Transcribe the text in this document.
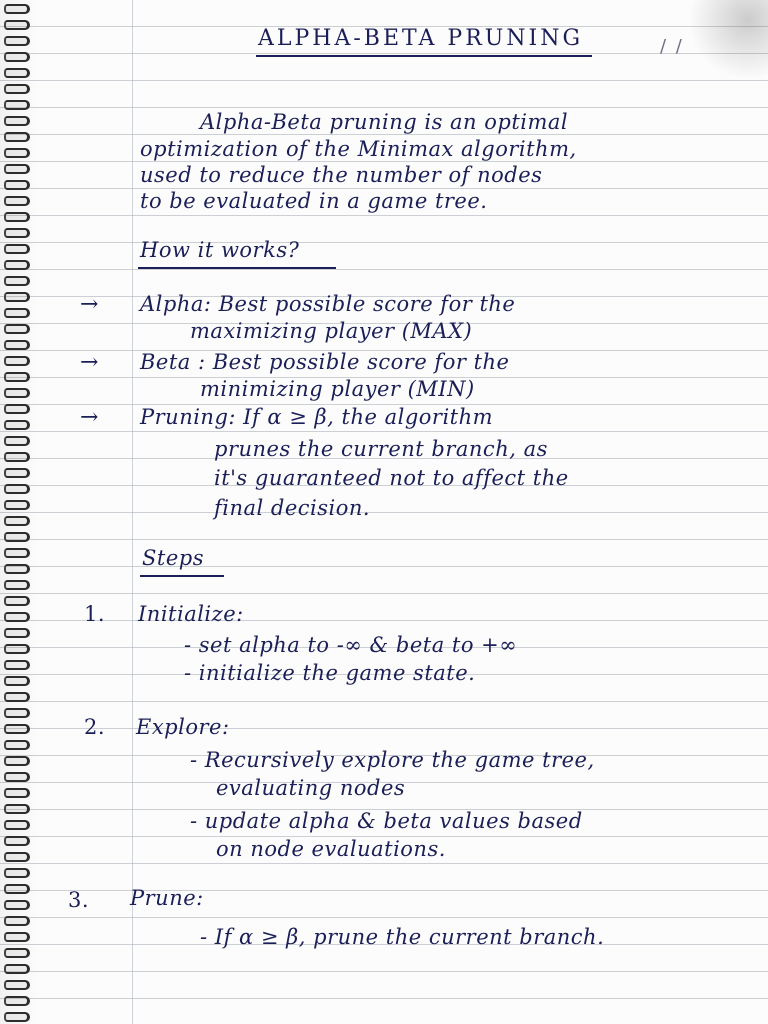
ALPHA-BETA PRUNING	/ /
Alpha-Beta pruning is an optimal
optimization of the Minimax algorithm,
used to reduce the number of nodes
to be evaluated in a game tree.
How it works?
→ Alpha: Best possible score for the
maximizing player (MAX)
→ Beta : Best possible score for the
minimizing player (MIN)
→ Pruning: If α ≥ β, the algorithm
prunes the current branch, as
it's guaranteed not to affect the
final decision.
Steps
1. Initialize:
- set alpha to -∞ & beta to +∞
- initialize the game state.
2. Explore:
- Recursively explore the game tree,
evaluating nodes
- update alpha & beta values based
on node evaluations.
3. Prune:
- If α ≥ β, prune the current branch.
